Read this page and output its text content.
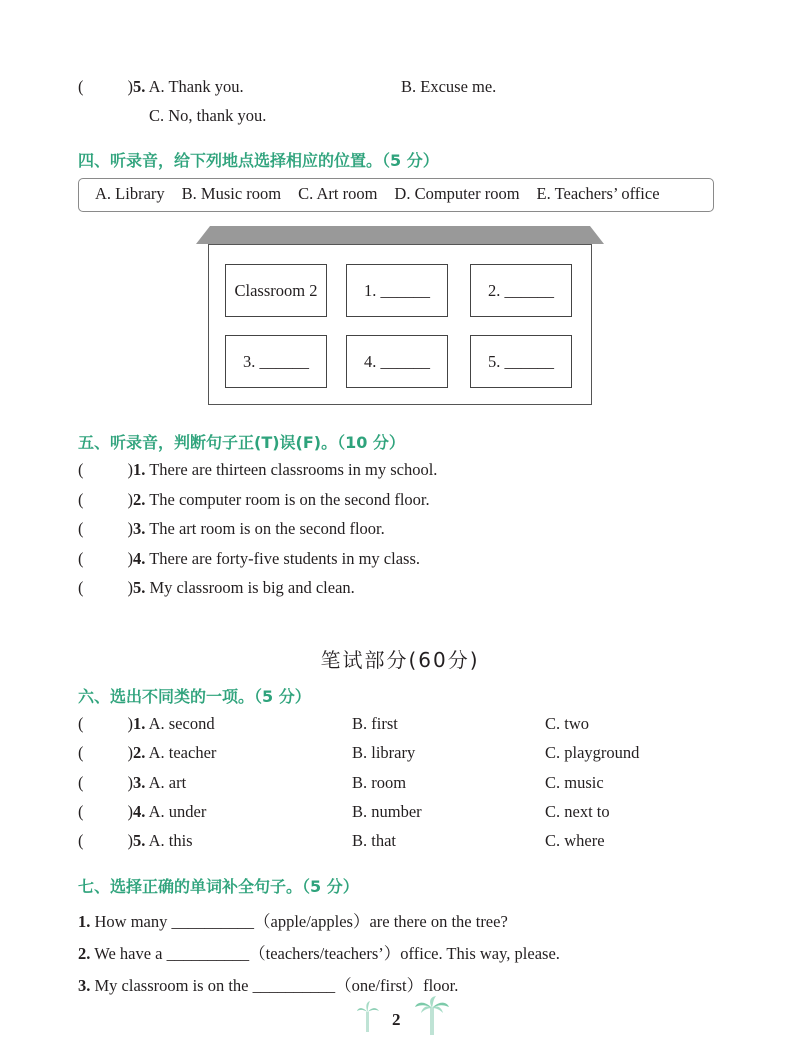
(	)5. A. Thank you.	B. Excuse me.
C. No, thank you.
四、听录音，给下列地点选择相应的位置。（5 分）
A. Library B. Music room C. Art room D. Computer room E. Teachers’ office
Classroom 2	1. ______	2. ______
3. ______	4. ______	5. ______
五、听录音，判断句子正(T)误(F)。（10 分）
(	)1. There are thirteen classrooms in my school.
(	)2. The computer room is on the second floor.
(	)3. The art room is on the second floor.
(	)4. There are forty-five students in my class.
(	)5. My classroom is big and clean.
笔试部分(60分)
六、选出不同类的一项。（5 分）
(	)1. A. second	B. first	C. two
(	)2. A. teacher	B. library	C. playground
(	)3. A. art	B. room	C. music
(	)4. A. under	B. number	C. next to
(	)5. A. this	B. that	C. where
七、选择正确的单词补全句子。（5 分）
1. How many __________（apple/apples）are there on the tree?
2. We have a __________（teachers/teachers’）office. This way, please.
3. My classroom is on the __________（one/first）floor.
2
